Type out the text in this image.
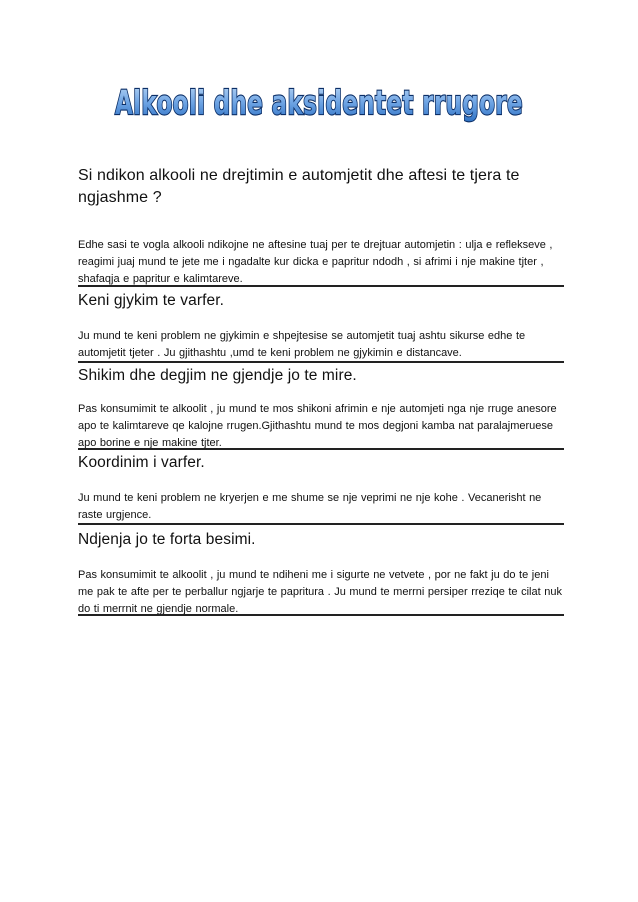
Alkooli dhe aksidentet rrugore
Si ndikon alkooli ne drejtimin e automjetit dhe aftesi te tjera te ngjashme ?
Edhe sasi te vogla alkooli ndikojne ne aftesine tuaj per te drejtuar automjetin : ulja e reflekseve , reagimi juaj mund te jete me i ngadalte kur dicka e papritur ndodh , si afrimi i nje makine tjter , shafaqja e papritur e kalimtareve.
Keni gjykim te varfer.
Ju mund te keni problem ne gjykimin e shpejtesise se automjetit tuaj ashtu sikurse edhe te automjetit tjeter . Ju gjithashtu ,umd te keni problem ne gjykimin e distancave.
Shikim dhe degjim ne gjendje jo te mire.
Pas konsumimit te alkoolit , ju mund te mos shikoni afrimin e nje automjeti nga nje rruge anesore apo te kalimtareve qe kalojne rrugen.Gjithashtu mund te mos degjoni kamba nat paralajmeruese apo borine e nje makine tjter.
Koordinim i varfer.
Ju mund te keni problem ne kryerjen e me shume se nje veprimi ne nje kohe . Vecanerisht ne raste urgjence.
Ndjenja jo te forta besimi.
Pas konsumimit te alkoolit , ju mund te ndiheni me i sigurte ne vetvete , por ne fakt ju do te jeni me pak te afte per te perballur ngjarje te papritura . Ju mund te merrni persiper rreziqe te cilat nuk do ti merrnit ne gjendje normale.
